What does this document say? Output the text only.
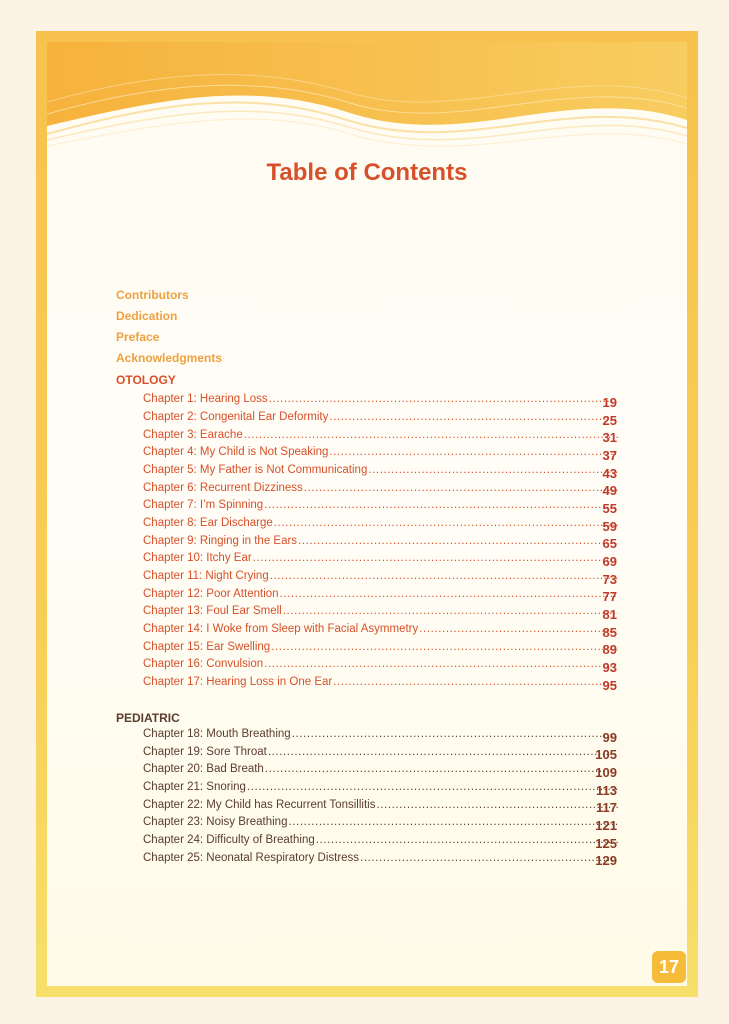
Table of Contents
Contributors
Dedication
Preface
Acknowledgments
OTOLOGY
Chapter 1: Hearing Loss .....	19
Chapter 2: Congenital Ear Deformity .....	25
Chapter 3: Earache .....	31
Chapter 4: My Child is Not Speaking .....	37
Chapter 5: My Father is Not Communicating .....	43
Chapter 6: Recurrent Dizziness .....	49
Chapter 7: I’m Spinning .....	55
Chapter 8: Ear Discharge .....	59
Chapter 9: Ringing in the Ears .....	65
Chapter 10: Itchy Ear .....	69
Chapter 11: Night Crying .....	73
Chapter 12: Poor Attention .....	77
Chapter 13: Foul Ear Smell .....	81
Chapter 14: I Woke from Sleep with Facial Asymmetry .....	85
Chapter 15: Ear Swelling .....	89
Chapter 16: Convulsion .....	93
Chapter 17: Hearing Loss in One Ear .....	95
PEDIATRIC
Chapter 18: Mouth Breathing .....	99
Chapter 19: Sore Throat .....	105
Chapter 20: Bad Breath .....	109
Chapter 21: Snoring .....	113
Chapter 22: My Child has Recurrent Tonsillitis .....	117
Chapter 23: Noisy Breathing .....	121
Chapter 24: Difficulty of Breathing .....	125
Chapter 25: Neonatal Respiratory Distress .....	129
17
